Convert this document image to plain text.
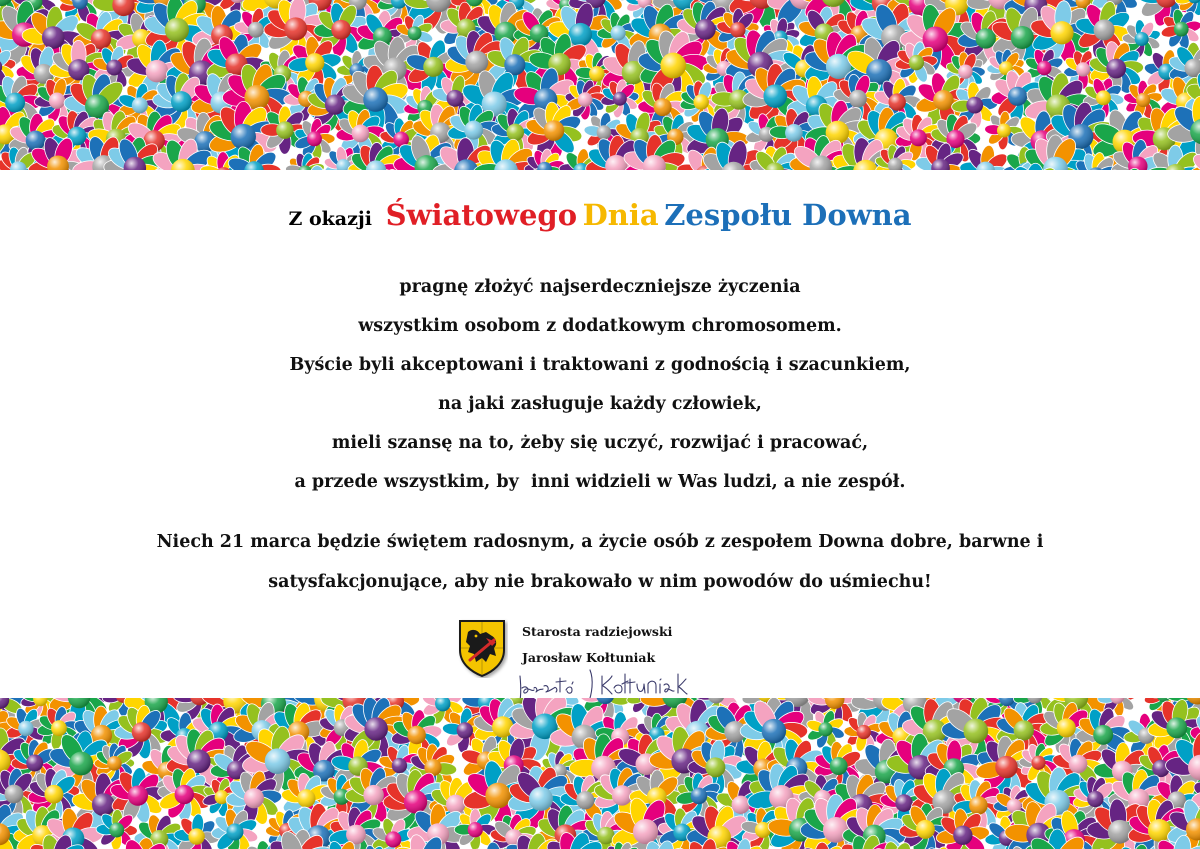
Z okazji Światowego Dnia Zespołu Downa
pragnę złożyć najserdeczniejsze życzenia
wszystkim osobom z dodatkowym chromosomem.
Byście byli akceptowani i traktowani z godnością i szacunkiem,
na jaki zasługuje każdy człowiek,
mieli szansę na to, żeby się uczyć, rozwijać i pracować,
a przede wszystkim, by  inni widzieli w Was ludzi, a nie zespół.
Niech 21 marca będzie świętem radosnym, a życie osób z zespołem Downa dobre, barwne i
satysfakcjonujące, aby nie brakowało w nim powodów do uśmiechu!
Starosta radziejowski
Jarosław Kołtuniak
